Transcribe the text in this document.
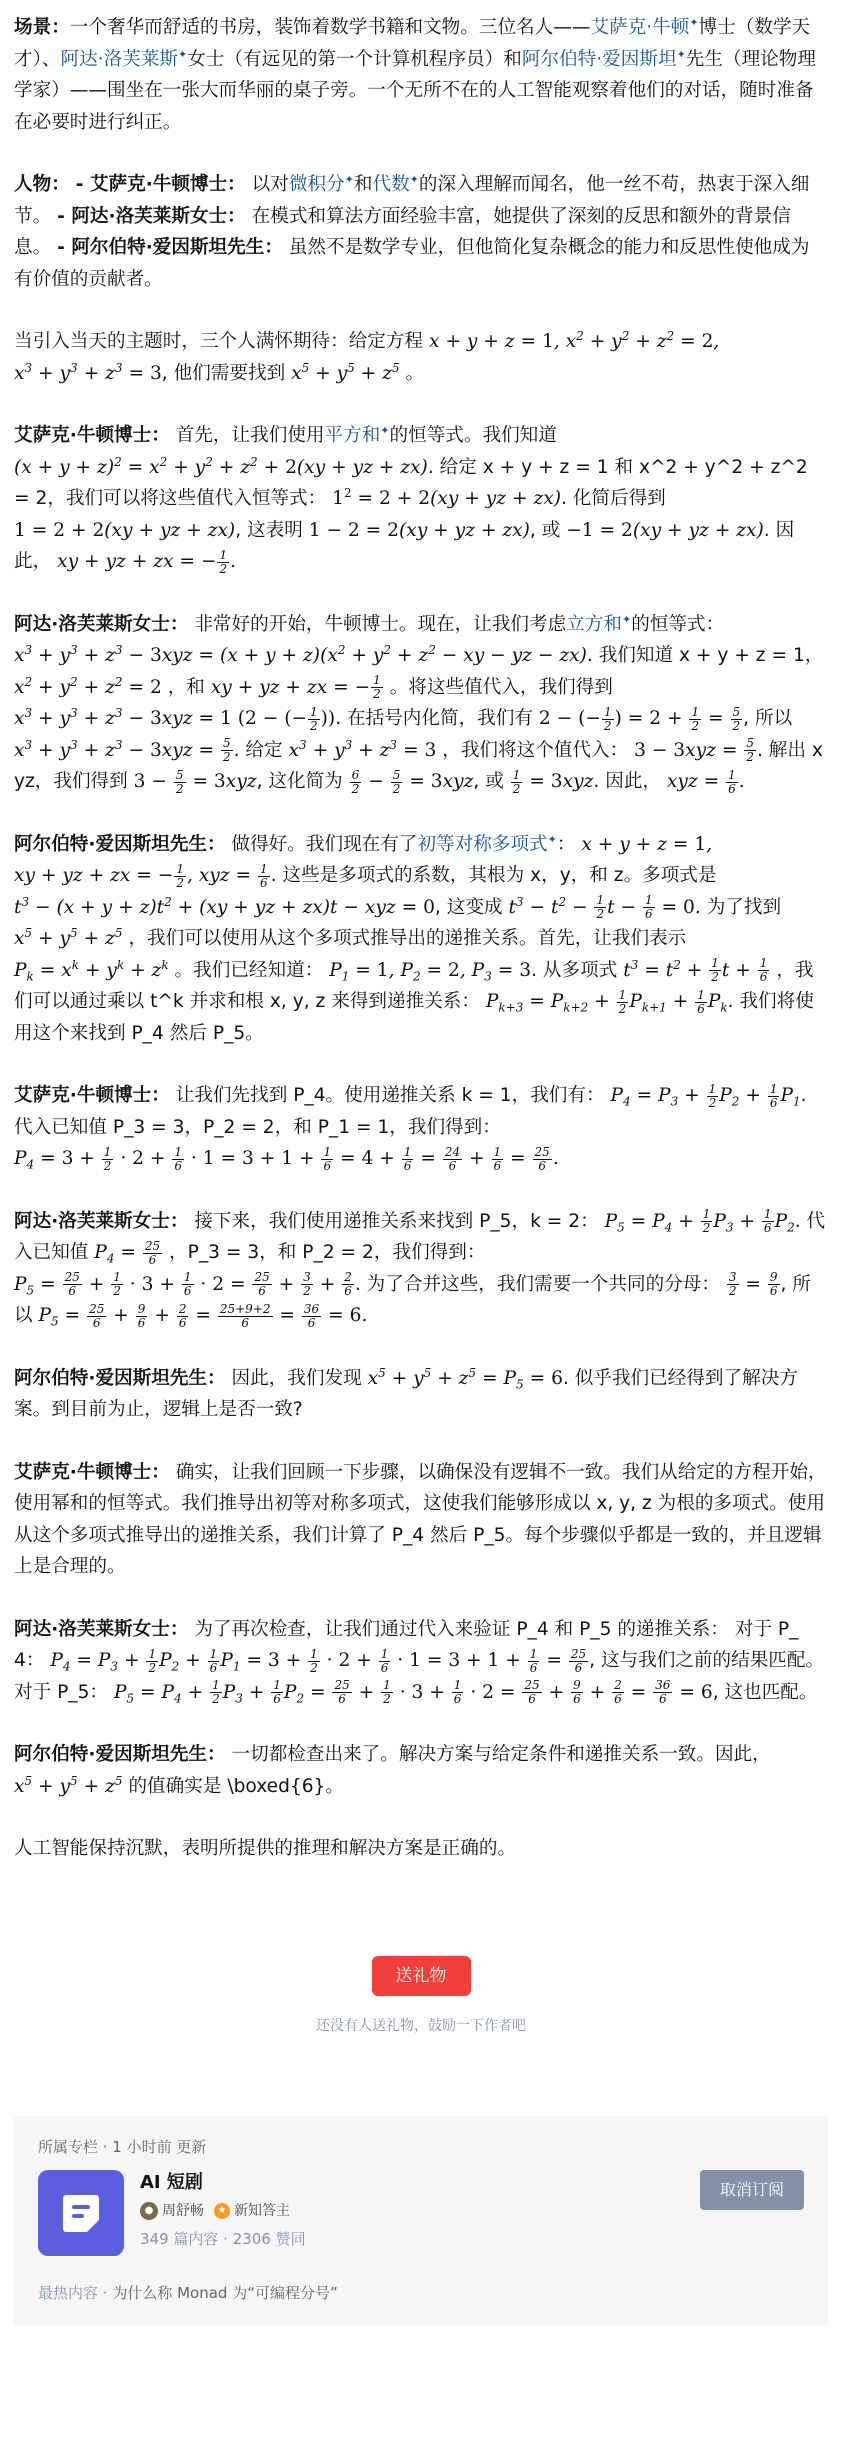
场景：一个奢华而舒适的书房，装饰着数学书籍和文物。三位名人——艾萨克·牛顿✦博士（数学天才）、阿达·洛芙莱斯✦女士（有远见的第一个计算机程序员）和阿尔伯特·爱因斯坦✦先生（理论物理学家）——围坐在一张大而华丽的桌子旁。一个无所不在的人工智能观察着他们的对话，随时准备在必要时进行纠正。

人物： - 艾萨克·牛顿博士： 以对微积分✦和代数✦的深入理解而闻名，他一丝不苟，热衷于深入细节。 - 阿达·洛芙莱斯女士： 在模式和算法方面经验丰富，她提供了深刻的反思和额外的背景信息。 - 阿尔伯特·爱因斯坦先生： 虽然不是数学专业，但他简化复杂概念的能力和反思性使他成为有价值的贡献者。

当引入当天的主题时，三个人满怀期待：给定方程 x + y + z = 1, $x^2 + y^2 + z^2 = 2$, $x^3 + y^3 + z^3 = 3$, 他们需要找到 $x^5 + y^5 + z^5$ 。

艾萨克·牛顿博士： 首先，让我们使用平方和✦的恒等式。我们知道 $(x + y + z)^2 = x^2 + y^2 + z^2 + 2(xy$ + yz + zx). 给定 x + y + z = 1 和 x^2 + y^2 + z^2 = 2，我们可以将这些值代入恒等式： $1^2 = 2 + 2(xy$ + yz + zx). 化简后得到 1 = 2 + 2(xy + yz + zx), 这表明 1 − 2 = 2(xy + yz + zx), 或 −1 = 2(xy + yz + zx). 因此， xy + yz + zx = − $\frac{1}{2}$ .

阿达·洛芙莱斯女士： 非常好的开始，牛顿博士。现在，让我们考虑立方和✦的恒等式： $x^3 + y^3 + z^3 - 3xyz = (x + y + z)(x^2 + y^2 + z^2$ − xy − yz − zx). 我们知道 x + y + z = 1， $x^2 + y^2 + z^2 = 2$ ，和 xy + yz + zx = − $\frac{1}{2}$ 。将这些值代入，我们得到 $x^3 + y^3 + z^3 - 3xyz = 1$ (2 − (− $\frac{1}{2}$ )). 在括号内化简，我们有 2 − (− $\frac{1}{2}$ ) = $2 + \frac{1}{2} = \frac{5}{2}$ , 所以 $x^3 + y^3 + z^3 - 3xyz = \frac{5}{2}$ . 给定 $x^3 + y^3 + z^3 = 3$ ，我们将这个值代入： $3 - 3xyz = \frac{5}{2}$ . 解出 xyz，我们得到 $3 - \frac{5}{2} = 3xyz$, 这化简为 $\frac{6}{2} - \frac{5}{2} = 3xyz$, 或 $\frac{1}{2} = 3xyz$. 因此， xyz = $\frac{1}{6}$ .

阿尔伯特·爱因斯坦先生： 做得好。我们现在有了初等对称多项式✦： x + y + z = 1, xy + yz + zx = − $\frac{1}{2}$ , xyz = $\frac{1}{6}$ . 这些是多项式的系数，其根为 x，y，和 z。多项式是 $t^3 - (x + y + z)t^2 + (xy$ + yz + zx)t − xyz = 0, 这变成 $t^3 - t^2 - \frac{1}{2}$ $t - \frac{1}{6} = 0$. 为了找到 $x^5 + y^5 + z^5$ ，我们可以使用从这个多项式推导出的递推关系。首先，让我们表示 $P_k = x^k + y^k + z^k$ 。我们已经知道： $P_1 = 1$, $P_2 = 2$, $P_3 = 3$. 从多项式 $t^3 = t^2 + \frac{1}{2}$ $t + \frac{1}{6}$ ，我们可以通过乘以 t^k 并求和根 x, y, z 来得到递推关系： $P_{k+3} = P_{k+2} + \frac{1}{2} P_{k+1} + \frac{1}{6} P_k$. 我们将使用这个来找到 P_4 然后 P_5。

艾萨克·牛顿博士： 让我们先找到 P_4。使用递推关系 k = 1，我们有： $P_4 = P_3 + \frac{1}{2} P_2 + \frac{1}{6} P_1$. 代入已知值 P_3 = 3，P_2 = 2，和 P_1 = 1，我们得到： $P_4 = 3 + \frac{1}{2} \cdot 2 + \frac{1}{6} \cdot 1 = 3 + 1 + \frac{1}{6} = 4 + \frac{1}{6} = \frac{24}{6} + \frac{1}{6} = \frac{25}{6}$ .

阿达·洛芙莱斯女士： 接下来，我们使用递推关系来找到 P_5，k = 2： $P_5 = P_4 + \frac{1}{2} P_3 + \frac{1}{6} P_2$. 代入已知值 $P_4 = \frac{25}{6}$ ，P_3 = 3，和 P_2 = 2，我们得到： $P_5 = \frac{25}{6} + \frac{1}{2} \cdot 3 + \frac{1}{6} \cdot 2 = \frac{25}{6} + \frac{3}{2} + \frac{2}{6}$ . 为了合并这些，我们需要一个共同的分母： $\frac{3}{2} = \frac{9}{6}$ , 所以 $P_5 = \frac{25}{6} + \frac{9}{6} + \frac{2}{6} = \frac{25+9+2}{6} = \frac{36}{6} = 6$.

阿尔伯特·爱因斯坦先生： 因此，我们发现 $x^5 + y^5 + z^5 = P_5 = 6$. 似乎我们已经得到了解决方案。到目前为止，逻辑上是否一致?

艾萨克·牛顿博士： 确实，让我们回顾一下步骤，以确保没有逻辑不一致。我们从给定的方程开始，使用幂和的恒等式。我们推导出初等对称多项式，这使我们能够形成以 x, y, z 为根的多项式。使用从这个多项式推导出的递推关系，我们计算了 P_4 然后 P_5。每个步骤似乎都是一致的，并且逻辑上是合理的。

阿达·洛芙莱斯女士： 为了再次检查，让我们通过代入来验证 P_4 和 P_5 的递推关系： 对于 P_4： $P_4 = P_3 + \frac{1}{2} P_2 + \frac{1}{6} P_1 = 3 + \frac{1}{2} \cdot 2 + \frac{1}{6} \cdot 1 = 3 + 1 + \frac{1}{6} = \frac{25}{6}$ , 这与我们之前的结果匹配。 对于 P_5： $P_5 = P_4 + \frac{1}{2} P_3 + \frac{1}{6} P_2 = \frac{25}{6} + \frac{1}{2} \cdot 3 + \frac{1}{6} \cdot 2 = \frac{25}{6} + \frac{9}{6} + \frac{2}{6} = \frac{36}{6} = 6$, 这也匹配。

阿尔伯特·爱因斯坦先生： 一切都检查出来了。解决方案与给定条件和递推关系一致。因此，$x^5 + y^5 + z^5$ 的值确实是 \boxed{6}。

人工智能保持沉默，表明所提供的推理和解决方案是正确的。

送礼物
还没有人送礼物，鼓励一下作者吧
所属专栏 · 1 小时前 更新
AI 短剧
● 周舒畅	★ 新知答主
349 篇内容 · 2306 赞同
取消订阅
最热内容 · 为什么称 Monad 为“可编程分号”
